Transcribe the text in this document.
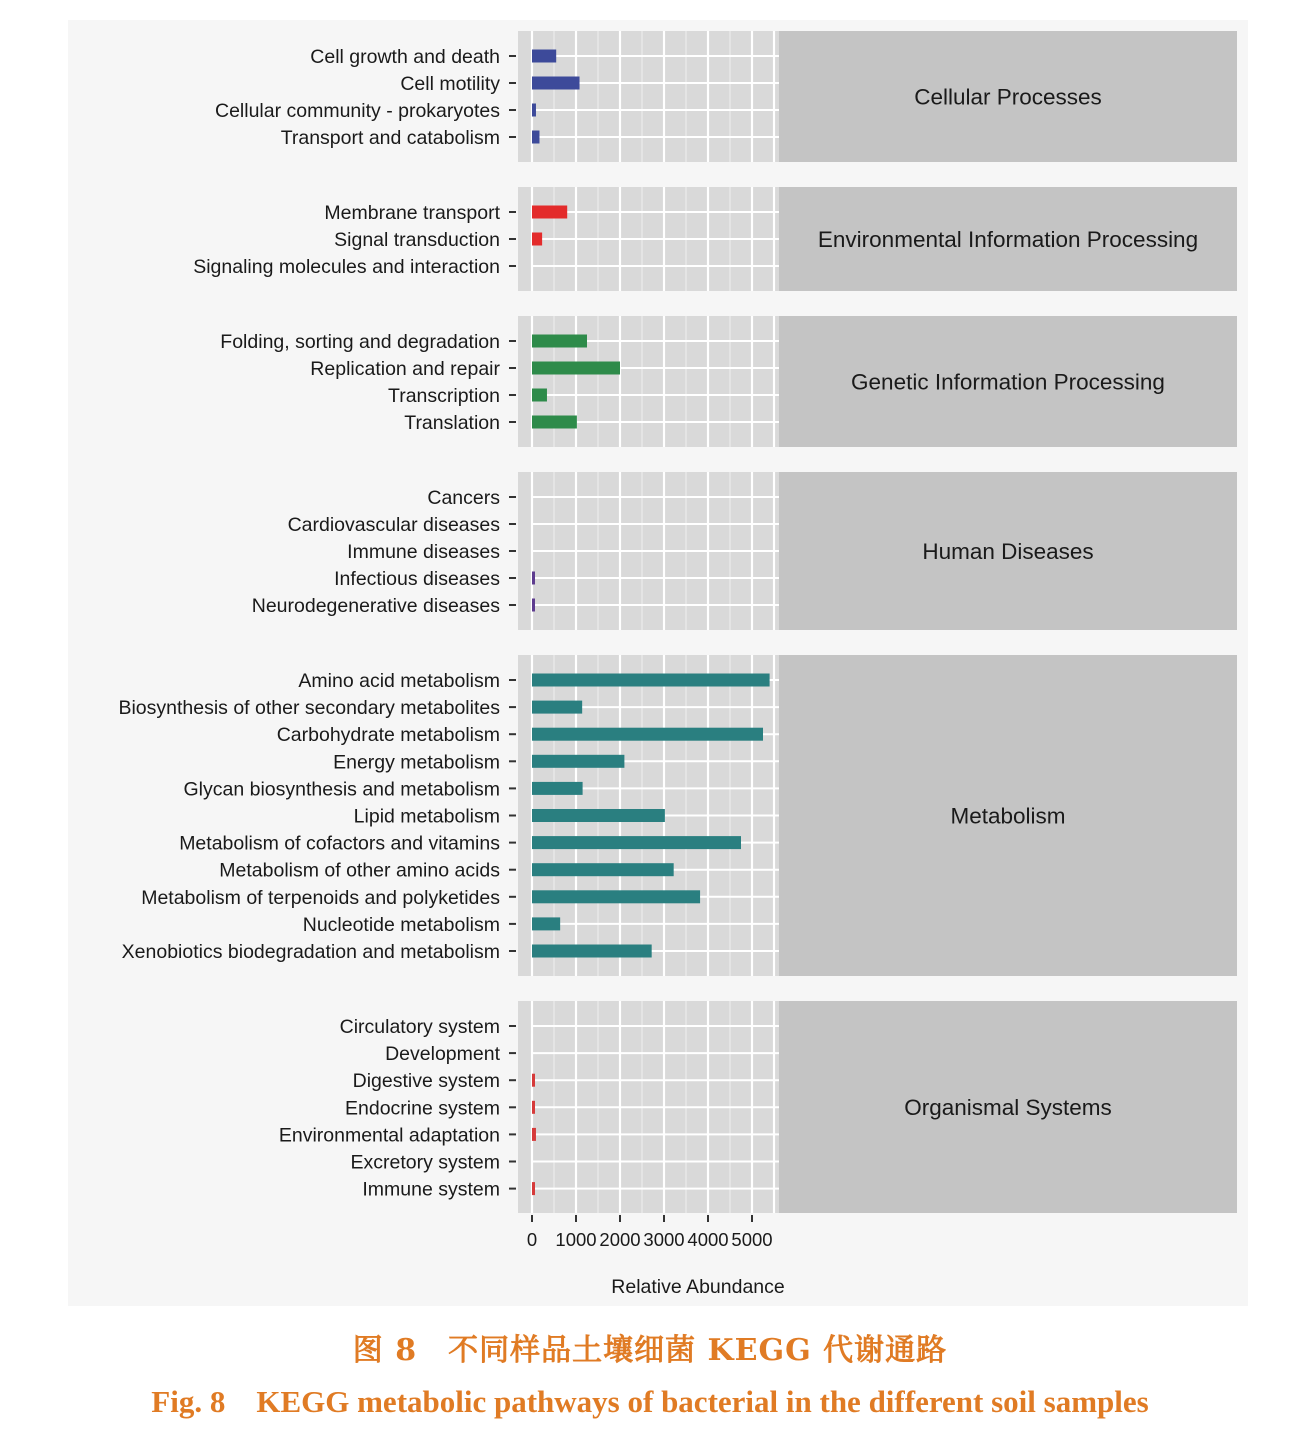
Cell growth and death
Cell motility
Cellular community - prokaryotes
Transport and catabolism
Cellular Processes
Membrane transport
Signal transduction
Signaling molecules and interaction
Environmental Information Processing
Folding, sorting and degradation
Replication and repair
Transcription
Translation
Genetic Information Processing
Cancers
Cardiovascular diseases
Immune diseases
Infectious diseases
Neurodegenerative diseases
Human Diseases
Amino acid metabolism
Biosynthesis of other secondary metabolites
Carbohydrate metabolism
Energy metabolism
Glycan biosynthesis and metabolism
Lipid metabolism
Metabolism of cofactors and vitamins
Metabolism of other amino acids
Metabolism of terpenoids and polyketides
Nucleotide metabolism
Xenobiotics biodegradation and metabolism
Metabolism
Circulatory system
Development
Digestive system
Endocrine system
Environmental adaptation
Excretory system
Immune system
Organismal Systems
0 1000 2000 3000 4000 5000
Relative Abundance
图 8　不同样品土壤细菌 KEGG 代谢通路
Fig. 8　KEGG metabolic pathways of bacterial in the different soil samples
